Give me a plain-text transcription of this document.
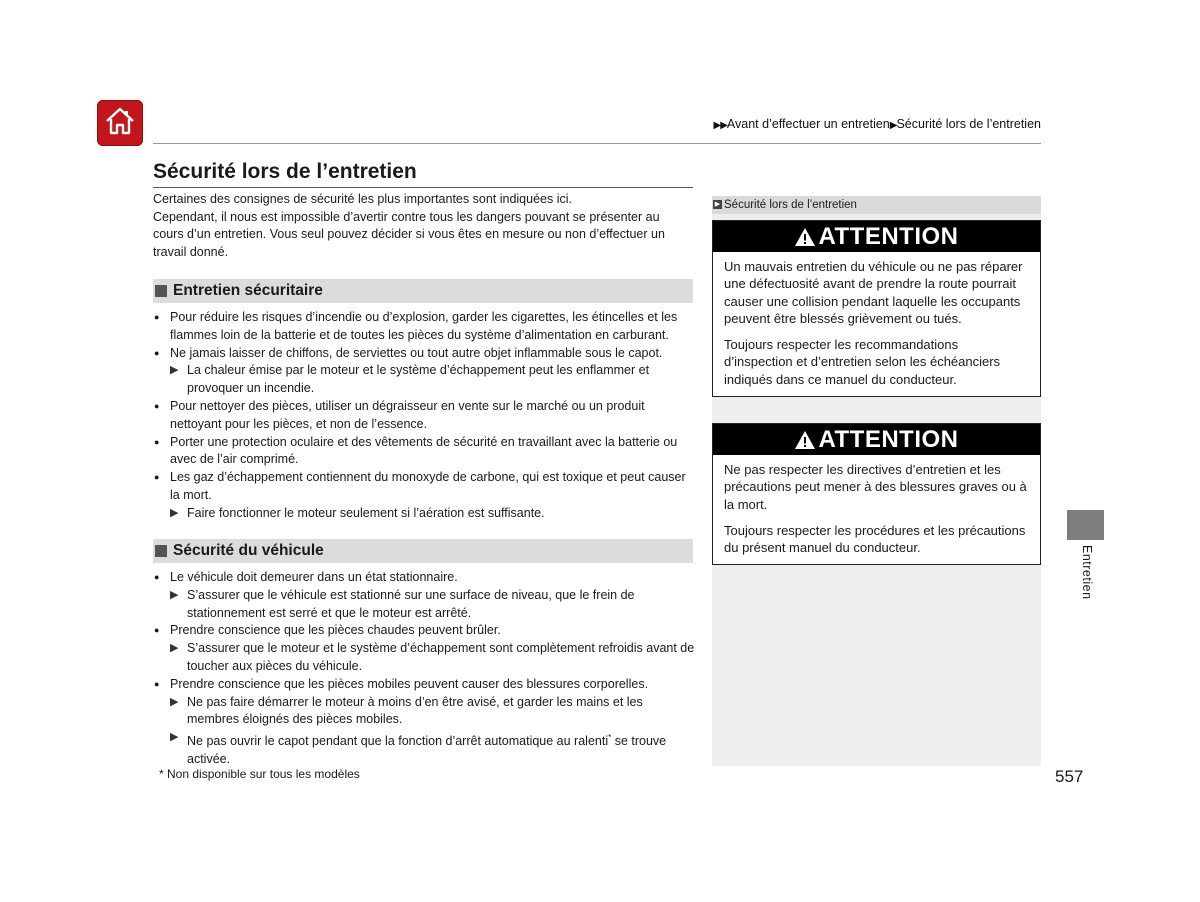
▶▶Avant d’effectuer un entretien▶Sécurité lors de l’entretien
Sécurité lors de l’entretien
Certaines des consignes de sécurité les plus importantes sont indiquées ici.
Cependant, il nous est impossible d’avertir contre tous les dangers pouvant se présenter au cours d’un entretien. Vous seul pouvez décider si vous êtes en mesure ou non d’effectuer un travail donné.
Entretien sécuritaire
● Pour réduire les risques d’incendie ou d’explosion, garder les cigarettes, les étincelles et les flammes loin de la batterie et de toutes les pièces du système d’alimentation en carburant.
● Ne jamais laisser de chiffons, de serviettes ou tout autre objet inflammable sous le capot.
▶ La chaleur émise par le moteur et le système d’échappement peut les enflammer et provoquer un incendie.
● Pour nettoyer des pièces, utiliser un dégraisseur en vente sur le marché ou un produit nettoyant pour les pièces, et non de l’essence.
● Porter une protection oculaire et des vêtements de sécurité en travaillant avec la batterie ou avec de l’air comprimé.
● Les gaz d’échappement contiennent du monoxyde de carbone, qui est toxique et peut causer la mort.
▶ Faire fonctionner le moteur seulement si l’aération est suffisante.
Sécurité du véhicule
● Le véhicule doit demeurer dans un état stationnaire.
▶ S’assurer que le véhicule est stationné sur une surface de niveau, que le frein de stationnement est serré et que le moteur est arrêté.
● Prendre conscience que les pièces chaudes peuvent brûler.
▶ S’assurer que le moteur et le système d’échappement sont complètement refroidis avant de toucher aux pièces du véhicule.
● Prendre conscience que les pièces mobiles peuvent causer des blessures corporelles.
▶ Ne pas faire démarrer le moteur à moins d’en être avisé, et garder les mains et les membres éloignés des pièces mobiles.
▶ Ne pas ouvrir le capot pendant que la fonction d’arrêt automatique au ralenti* se trouve activée.
* Non disponible sur tous les modèles
▶ Sécurité lors de l’entretien
ATTENTION

Un mauvais entretien du véhicule ou ne pas réparer une défectuosité avant de prendre la route pourrait causer une collision pendant laquelle les occupants peuvent être blessés grièvement ou tués.

Toujours respecter les recommandations d’inspection et d’entretien selon les échéanciers indiqués dans ce manuel du conducteur.

ATTENTION

Ne pas respecter les directives d’entretien et les précautions peut mener à des blessures graves ou à la mort.

Toujours respecter les procédures et les précautions du présent manuel du conducteur.	Entretien
557
